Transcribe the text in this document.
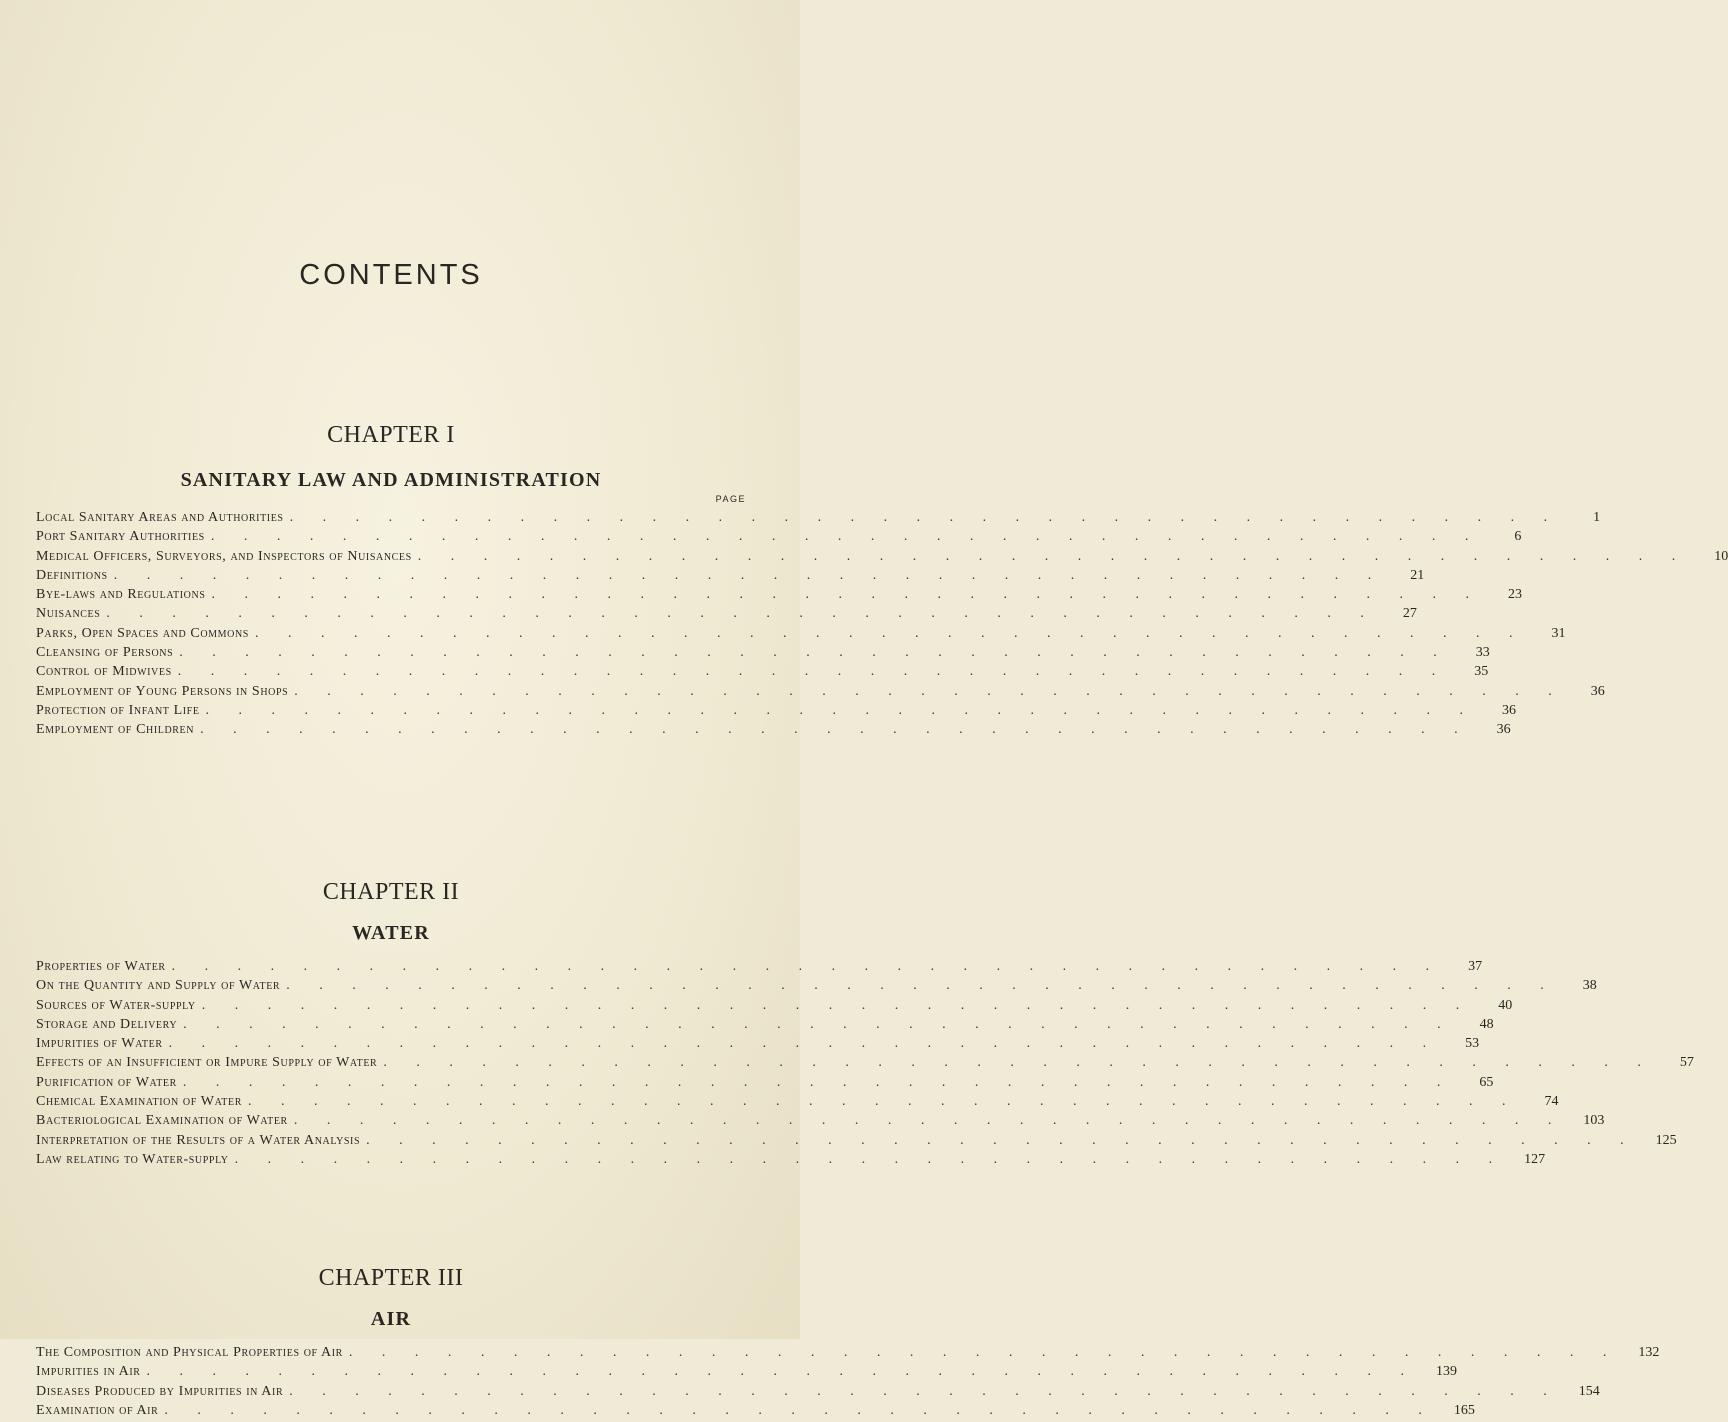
CONTENTS
CHAPTER I
SANITARY LAW AND ADMINISTRATION
PAGE
Local Sanitary Areas and Authorities . . . . . . . . . . . . . . . . . . . . . . . . . . . . . . . . . . . . . . .	1
Port Sanitary Authorities . . . . . . . . . . . . . . . . . . . . . . . . . . . . . . . . . . . . . . .	6
Medical Officers, Surveyors, and Inspectors of Nuisances . . . . . . . . . . . . . . . . . . . . . . . . . . . . . . . . . . . . . . .	10
Definitions . . . . . . . . . . . . . . . . . . . . . . . . . . . . . . . . . . . . . . .	21
Bye-laws and Regulations . . . . . . . . . . . . . . . . . . . . . . . . . . . . . . . . . . . . . . .	23
Nuisances . . . . . . . . . . . . . . . . . . . . . . . . . . . . . . . . . . . . . . .	27
Parks, Open Spaces and Commons . . . . . . . . . . . . . . . . . . . . . . . . . . . . . . . . . . . . . . .	31
Cleansing of Persons . . . . . . . . . . . . . . . . . . . . . . . . . . . . . . . . . . . . . . .	33
Control of Midwives . . . . . . . . . . . . . . . . . . . . . . . . . . . . . . . . . . . . . . .	35
Employment of Young Persons in Shops . . . . . . . . . . . . . . . . . . . . . . . . . . . . . . . . . . . . . . .	36
Protection of Infant Life . . . . . . . . . . . . . . . . . . . . . . . . . . . . . . . . . . . . . . .	36
Employment of Children . . . . . . . . . . . . . . . . . . . . . . . . . . . . . . . . . . . . . . .	36
CHAPTER II
WATER
Properties of Water . . . . . . . . . . . . . . . . . . . . . . . . . . . . . . . . . . . . . . .	37
On the Quantity and Supply of Water . . . . . . . . . . . . . . . . . . . . . . . . . . . . . . . . . . . . . . .	38
Sources of Water-supply . . . . . . . . . . . . . . . . . . . . . . . . . . . . . . . . . . . . . . .	40
Storage and Delivery . . . . . . . . . . . . . . . . . . . . . . . . . . . . . . . . . . . . . . .	48
Impurities of Water . . . . . . . . . . . . . . . . . . . . . . . . . . . . . . . . . . . . . . .	53
Effects of an Insufficient or Impure Supply of Water . . . . . . . . . . . . . . . . . . . . . . . . . . . . . . . . . . . . . . .	57
Purification of Water . . . . . . . . . . . . . . . . . . . . . . . . . . . . . . . . . . . . . . .	65
Chemical Examination of Water . . . . . . . . . . . . . . . . . . . . . . . . . . . . . . . . . . . . . . .	74
Bacteriological Examination of Water . . . . . . . . . . . . . . . . . . . . . . . . . . . . . . . . . . . . . . .	103
Interpretation of the Results of a Water Analysis . . . . . . . . . . . . . . . . . . . . . . . . . . . . . . . . . . . . . . .	125
Law relating to Water-supply . . . . . . . . . . . . . . . . . . . . . . . . . . . . . . . . . . . . . . .	127
CHAPTER III
AIR
The Composition and Physical Properties of Air . . . . . . . . . . . . . . . . . . . . . . . . . . . . . . . . . . . . . . .	132
Impurities in Air . . . . . . . . . . . . . . . . . . . . . . . . . . . . . . . . . . . . . . .	139
Diseases Produced by Impurities in Air . . . . . . . . . . . . . . . . . . . . . . . . . . . . . . . . . . . . . . .	154
Examination of Air . . . . . . . . . . . . . . . . . . . . . . . . . . . . . . . . . . . . . . .	165
